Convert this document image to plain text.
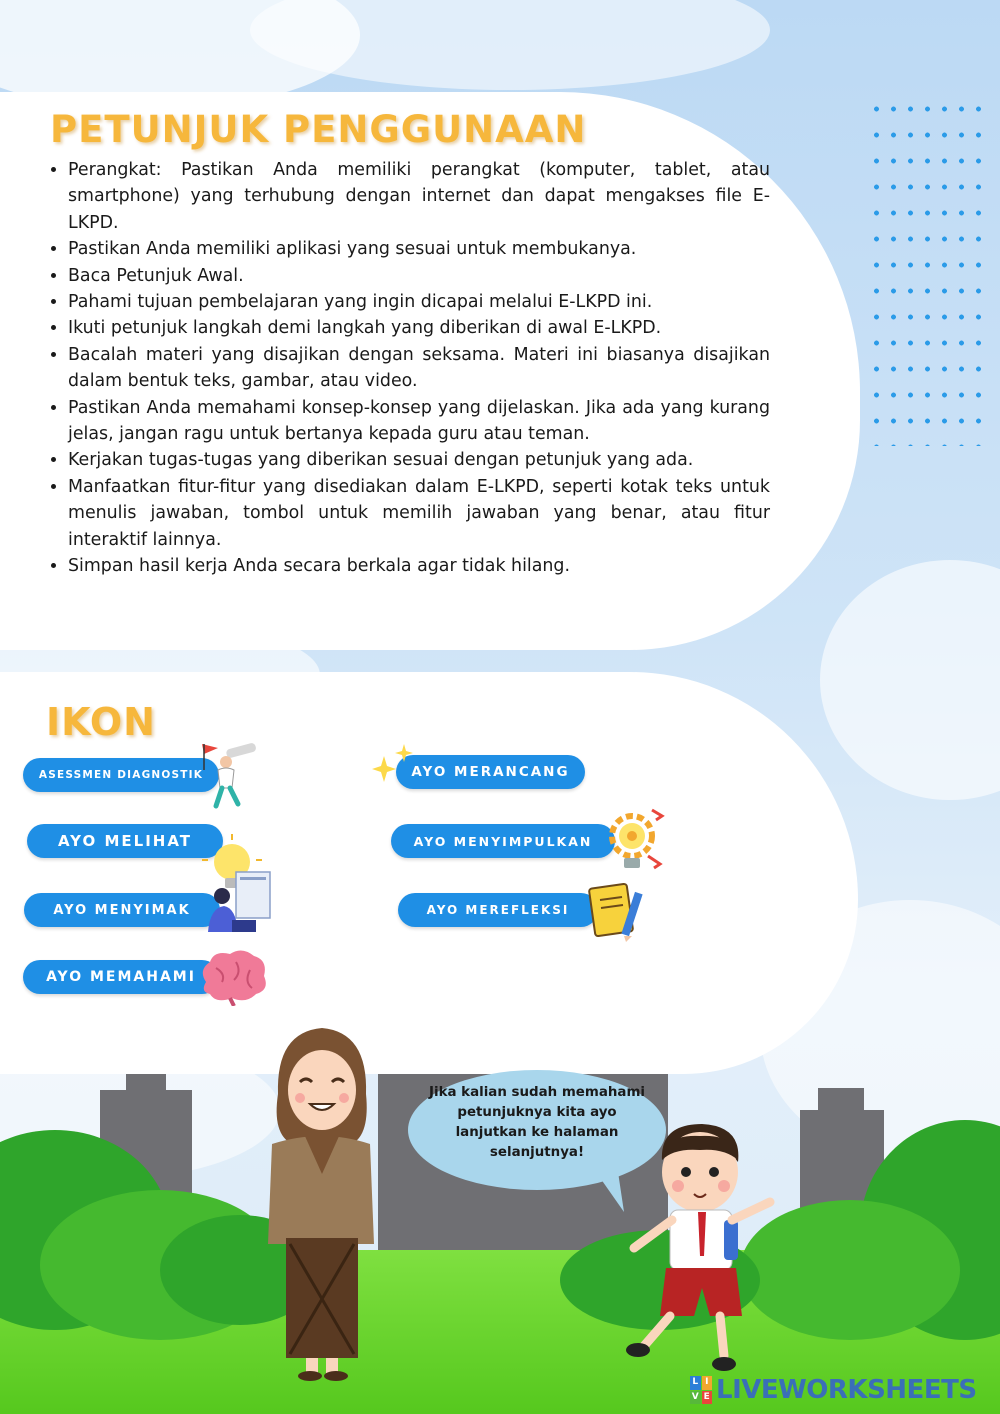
PETUNJUK PENGGUNAAN
• Perangkat: Pastikan Anda memiliki perangkat (komputer, tablet, atau smartphone) yang terhubung dengan internet dan dapat mengakses file E-LKPD.
• Pastikan Anda memiliki aplikasi yang sesuai untuk membukanya.
• Baca Petunjuk Awal.
• Pahami tujuan pembelajaran yang ingin dicapai melalui E-LKPD ini.
• Ikuti petunjuk langkah demi langkah yang diberikan di awal E-LKPD.
• Bacalah materi yang disajikan dengan seksama. Materi ini biasanya disajikan dalam bentuk teks, gambar, atau video.
• Pastikan Anda memahami konsep-konsep yang dijelaskan. Jika ada yang kurang jelas, jangan ragu untuk bertanya kepada guru atau teman.
• Kerjakan tugas-tugas yang diberikan sesuai dengan petunjuk yang ada.
• Manfaatkan fitur-fitur yang disediakan dalam E-LKPD, seperti kotak teks untuk menulis jawaban, tombol untuk memilih jawaban yang benar, atau fitur interaktif lainnya.
• Simpan hasil kerja Anda secara berkala agar tidak hilang.
IKON
ASESSMEN DIAGNOSTIK
AYO MELIHAT
AYO MENYIMAK
AYO MEMAHAMI
AYO MERANCANG
AYO MENYIMPULKAN
AYO MEREFLEKSI

Jika kalian sudah memahami petunjuknya kita ayo lanjutkan ke halaman selanjutnya!

L I
V E LIVEWORKSHEETS
